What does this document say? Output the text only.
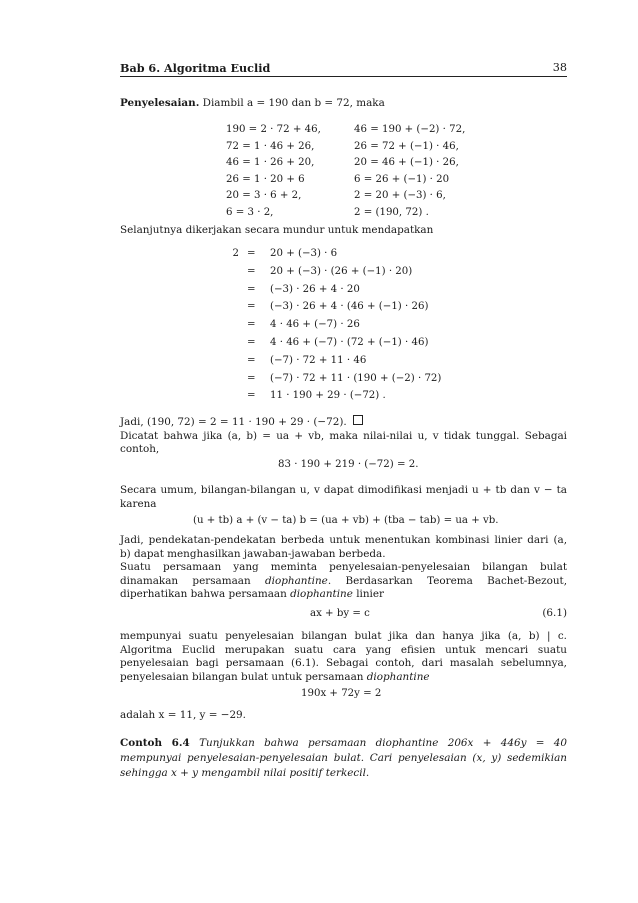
Bab 6. Algoritma Euclid	38
Penyelesaian. Diambil a = 190 dan b = 72, maka
190 = 2 · 72 + 46,
72 = 1 · 46 + 26,
46 = 1 · 26 + 20,
26 = 1 · 20 + 6
20 = 3 · 6 + 2,
6 = 3 · 2,
46 = 190 + (−2) · 72,
26 = 72 + (−1) · 46,
20 = 46 + (−1) · 26,
6 = 26 + (−1) · 20
2 = 20 + (−3) · 6,
2 = (190, 72) .
Selanjutnya dikerjakan secara mundur untuk mendapatkan
2 = 20 + (−3) · 6
= 20 + (−3) · (26 + (−1) · 20)
= (−3) · 26 + 4 · 20
= (−3) · 26 + 4 · (46 + (−1) · 26)
= 4 · 46 + (−7) · 26
= 4 · 46 + (−7) · (72 + (−1) · 46)
= (−7) · 72 + 11 · 46
= (−7) · 72 + 11 · (190 + (−2) · 72)
= 11 · 190 + 29 · (−72) .
Jadi, (190, 72) = 2 = 11 · 190 + 29 · (−72).
Dicatat bahwa jika (a, b) = ua + vb, maka nilai-nilai u, v tidak tunggal. Sebagai contoh,
83 · 190 + 219 · (−72) = 2.
Secara umum, bilangan-bilangan u, v dapat dimodifikasi menjadi u + tb dan v − ta karena
(u + tb) a + (v − ta) b = (ua + vb) + (tba − tab) = ua + vb.
Jadi, pendekatan-pendekatan berbeda untuk menentukan kombinasi linier dari (a, b) dapat menghasilkan jawaban-jawaban berbeda.
Suatu persamaan yang meminta penyelesaian-penyelesaian bilangan bulat dinamakan persamaan diophantine. Berdasarkan Teorema Bachet-Bezout, diperhatikan bahwa persamaan diophantine linier
ax + by = c	(6.1)
mempunyai suatu penyelesaian bilangan bulat jika dan hanya jika (a, b) | c. Algoritma Euclid merupakan suatu cara yang efisien untuk mencari suatu penyelesaian bagi persamaan (6.1). Sebagai contoh, dari masalah sebelumnya, penyelesaian bilangan bulat untuk persamaan diophantine
190x + 72y = 2
adalah x = 11, y = −29.
Contoh 6.4 Tunjukkan bahwa persamaan diophantine 206x + 446y = 40 mempunyai penyelesaian-penyelesaian bulat. Cari penyelesaian (x, y) sedemikian sehingga x + y mengambil nilai positif terkecil.
